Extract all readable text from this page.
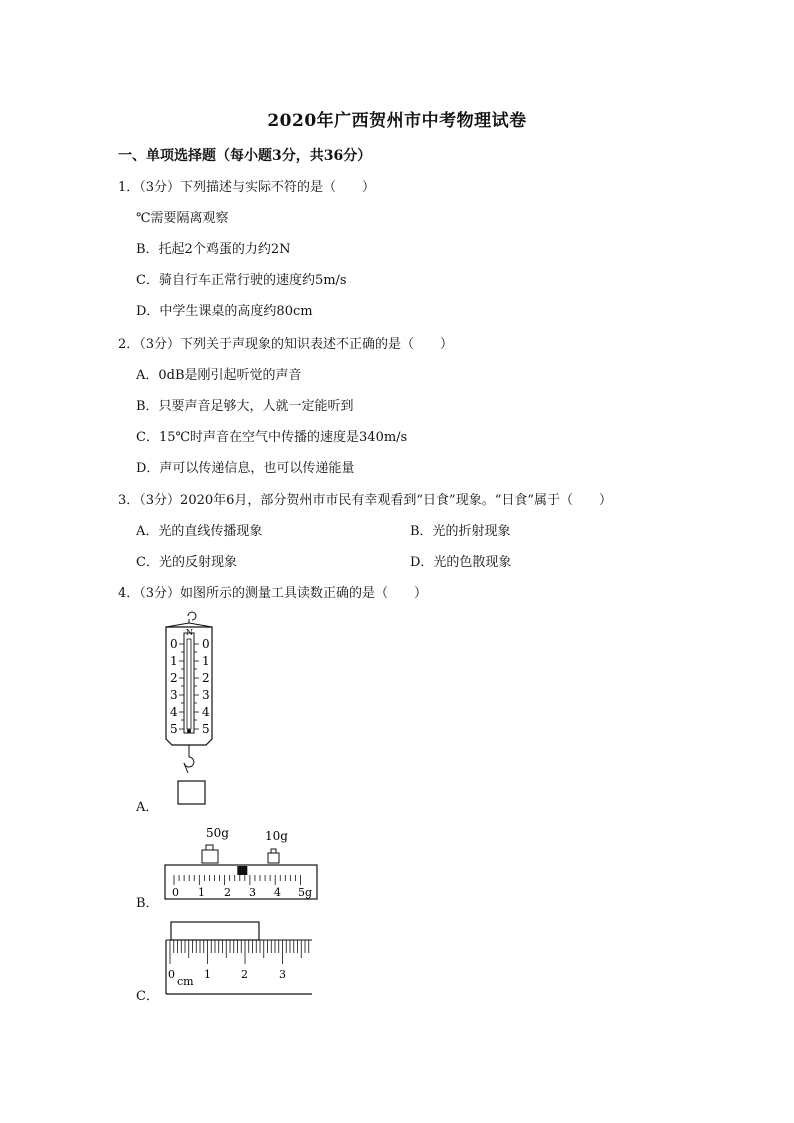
2020年广西贺州市中考物理试卷
一、单项选择题（每小题3分，共36分）
1．（3分）下列描述与实际不符的是（　　）
℃需要隔离观察
B．托起2个鸡蛋的力约2N
C．骑自行车正常行驶的速度约5m/s
D．中学生课桌的高度约80cm
2．（3分）下列关于声现象的知识表述不正确的是（　　）
A．0dB是刚引起听觉的声音
B．只要声音足够大，人就一定能听到
C．15℃时声音在空气中传播的速度是340m/s
D．声可以传递信息，也可以传递能量
3．（3分）2020年6月，部分贺州市市民有幸观看到“日食”现象。“日食”属于（　　）
A．光的直线传播现象	B．光的折射现象
C．光的反射现象	D．光的色散现象
4．（3分）如图所示的测量工具读数正确的是（　　）
N
0
1
2
3
4
5
0
1
2
3
4
5
A．
50g	10g
0 1 2 3 4 5g
B．
0	1	2	3
cm
C．
